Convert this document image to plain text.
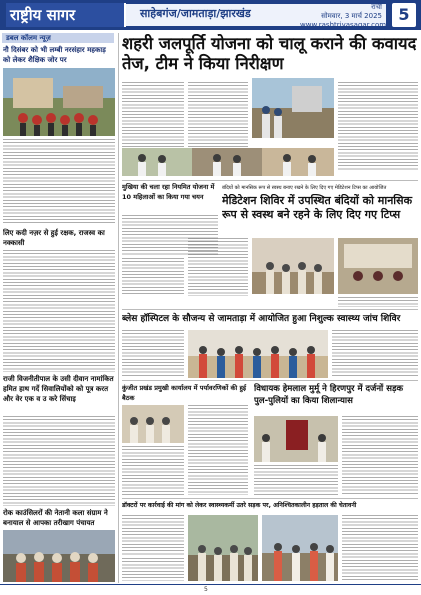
राष्ट्रीय सागर	साहेबगंज/जामताड़ा/झारखंड	रांची
सोमवार, 3 मार्च 2025
www.rashtriyasagar.com
5
डबल कॉलम न्यूज़	शहरी जलपूर्ति योजना को चालू कराने की कवायद तेज, टीम ने किया निरीक्षण
नौ दिसंबर को भी लम्बी नरसंहार महकाड़ को लेकर शैक्षिक जोर पर
लिए कदी नज़र से हुई रक्षक, राजस्व का नक्कासी
राजी विजनीतीपाल के उसी दीवान नामांकित हमित हाथ गर्दे सिवालियोंको को पूत्र करत और वेर एक व उ करे सिंचाइ
रोक काउंसिलरों की नेतानी कला संग्राम ने बनायाल से आपका तरीखाग पंचायत
मुखिया की चला रहा नियमित योजना में 10 महिलाओं का किया गया चयन
बंदियों को मानसिक रूप से स्वस्थ बनाए रखने के लिए दिए गए मेडिटेशन टिप्स का आयोजित
मेडिटेशन शिविर में उपस्थित बंदियों को मानसिक रूप से स्वस्थ बने रहने के लिए दिए गए टिप्स
ब्लेस हॉस्पिटल के सौजन्य से जामताड़ा में आयोजित हुआ निशुल्क स्वास्थ्य जांच शिविर
कुंजीत प्रखंड प्रमुखी कार्यालय में पर्यावरणिकों की हुई बैठक
विधायक हेमलाल मुर्मू ने हिरणपुर में दर्जनों सड़क पुल-पुलियों का किया शिलान्यास
डॉक्टरों पर कार्रवाई की मांग को लेकर स्वास्थ्यकर्मी उतरे सड़क पर, अनिश्चितकालीन हड़ताल की चेतावनी
5
